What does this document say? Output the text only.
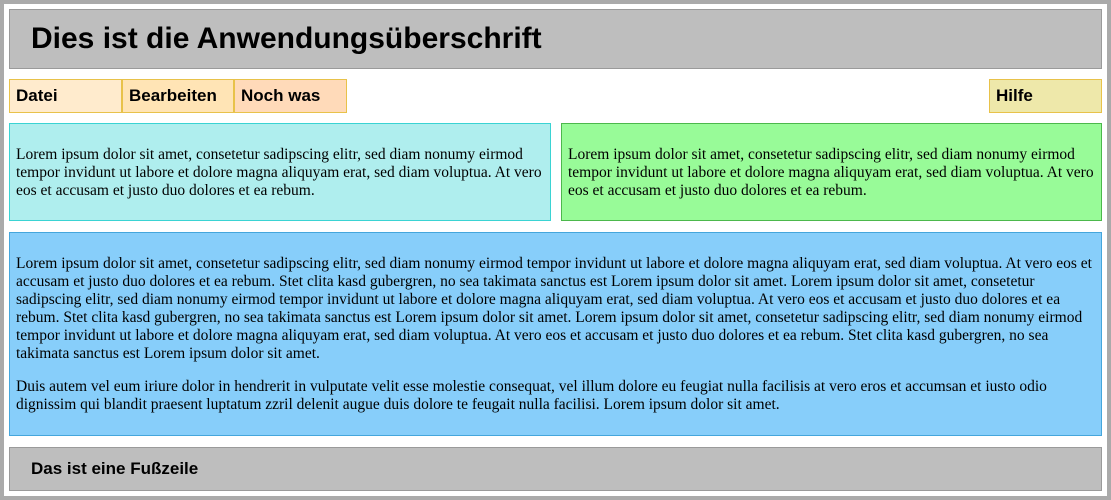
Dies ist die Anwendungsüberschrift
Datei	Bearbeiten	Noch was	Hilfe

Lorem ipsum dolor sit amet, consetetur sadipscing elitr, sed diam nonumy eirmod tempor invidunt ut labore et dolore magna aliquyam erat, sed diam voluptua. At vero eos et accusam et justo duo dolores et ea rebum.

Lorem ipsum dolor sit amet, consetetur sadipscing elitr, sed diam nonumy eirmod tempor invidunt ut labore et dolore magna aliquyam erat, sed diam voluptua. At vero eos et accusam et justo duo dolores et ea rebum.

Lorem ipsum dolor sit amet, consetetur sadipscing elitr, sed diam nonumy eirmod tempor invidunt ut labore et dolore magna aliquyam erat, sed diam voluptua. At vero eos et accusam et justo duo dolores et ea rebum. Stet clita kasd gubergren, no sea takimata sanctus est Lorem ipsum dolor sit amet. Lorem ipsum dolor sit amet, consetetur sadipscing elitr, sed diam nonumy eirmod tempor invidunt ut labore et dolore magna aliquyam erat, sed diam voluptua. At vero eos et accusam et justo duo dolores et ea rebum. Stet clita kasd gubergren, no sea takimata sanctus est Lorem ipsum dolor sit amet. Lorem ipsum dolor sit amet, consetetur sadipscing elitr, sed diam nonumy eirmod tempor invidunt ut labore et dolore magna aliquyam erat, sed diam voluptua. At vero eos et accusam et justo duo dolores et ea rebum. Stet clita kasd gubergren, no sea takimata sanctus est Lorem ipsum dolor sit amet.

Duis autem vel eum iriure dolor in hendrerit in vulputate velit esse molestie consequat, vel illum dolore eu feugiat nulla facilisis at vero eros et accumsan et iusto odio dignissim qui blandit praesent luptatum zzril delenit augue duis dolore te feugait nulla facilisi. Lorem ipsum dolor sit amet.

Das ist eine Fußzeile
